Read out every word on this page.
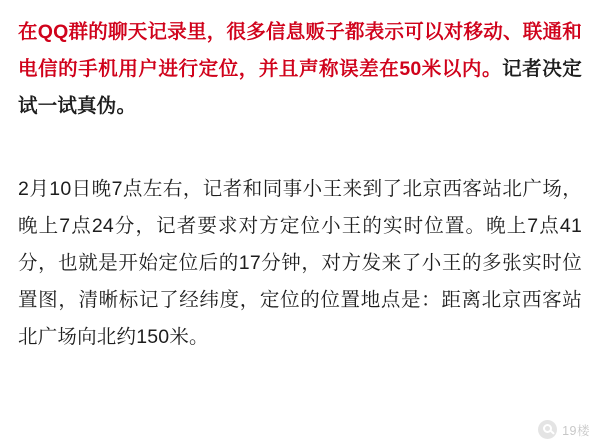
在QQ群的聊天记录里，很多信息贩子都表示可以对移动、联通和电信的手机用户进行定位，并且声称误差在50米以内。记者决定试一试真伪。

2月10日晚7点左右，记者和同事小王来到了北京西客站北广场，晚上7点24分，记者要求对方定位小王的实时位置。晚上7点41分，也就是开始定位后的17分钟，对方发来了小王的多张实时位置图，清晰标记了经纬度，定位的位置地点是：距离北京西客站北广场向北约150米。

19楼
